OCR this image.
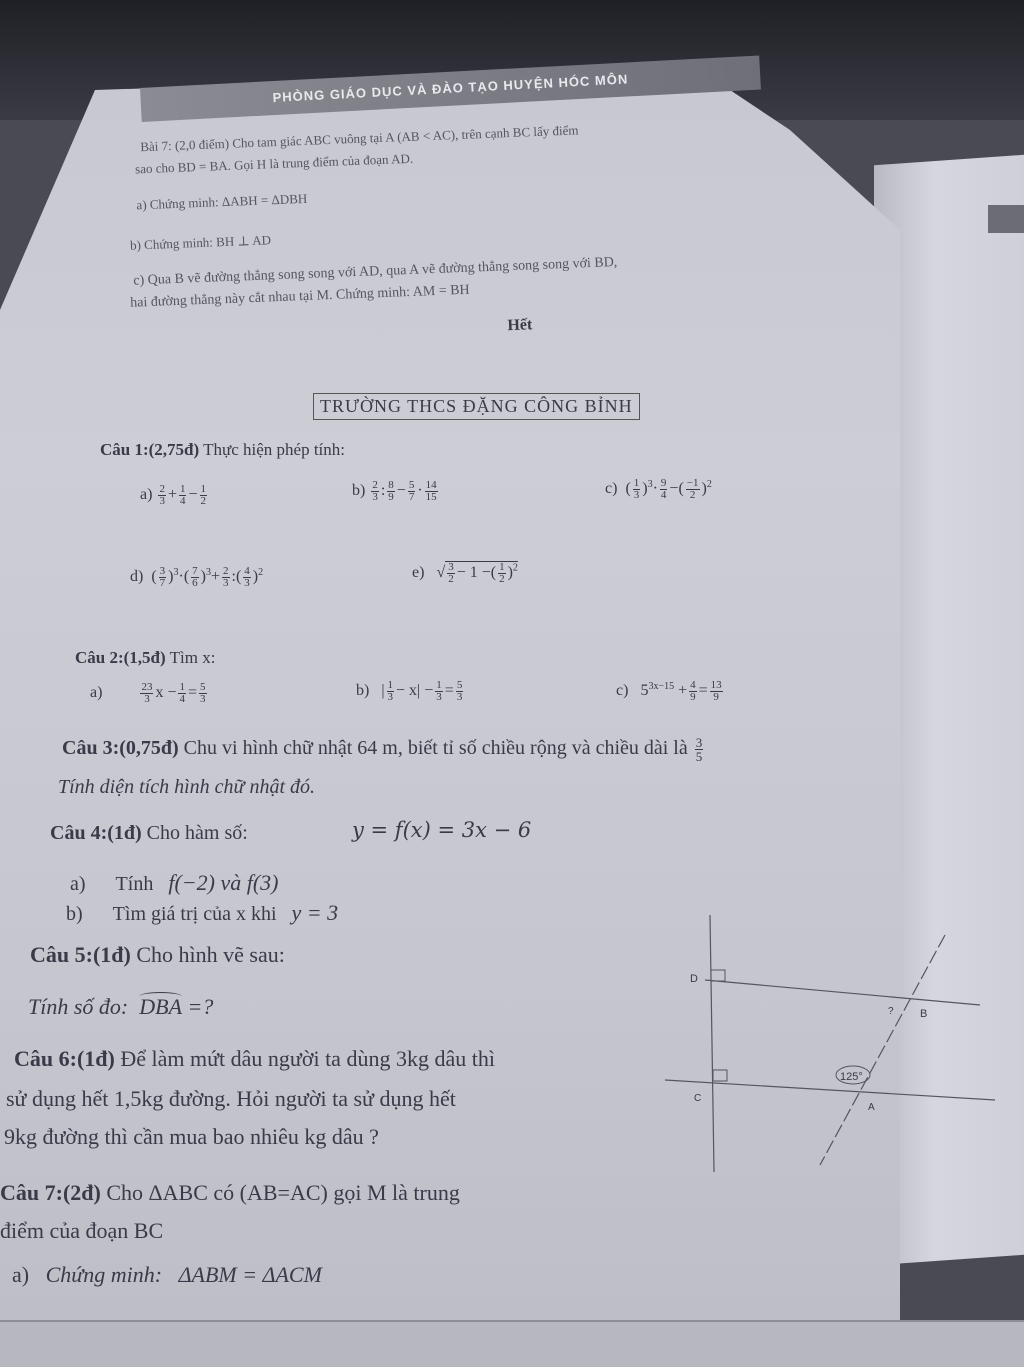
PHÒNG GIÁO DỤC VÀ ĐÀO TẠO HUYỆN HÓC MÔN
Bài 7: (2,0 điểm) Cho tam giác ABC vuông tại A (AB < AC), trên cạnh BC lấy điểm
sao cho BD = BA. Gọi H là trung điểm của đoạn AD.
a) Chứng minh: ΔABH = ΔDBH
b) Chứng minh: BH ⊥ AD
c) Qua B vẽ đường thẳng song song với AD, qua A vẽ đường thẳng song song với BD,
hai đường thẳng này cắt nhau tại M. Chứng minh: AM = BH
Hết
TRƯỜNG THCS ĐẶNG CÔNG BỈNH
Câu 1:(2,75đ) Thực hiện phép tính:
$a) \frac{2}{3} + \frac{1}{4} - \frac{1}{2}$	$b) \frac{2}{3}$ : $\frac{8}{9} - \frac{5}{7} \cdot \frac{14}{15}$	c)  ( $\frac{1}{3} )^3\cdot \frac{9}{4}$ −( $\frac{-1}{2} )^2$
d)  ( $\frac{3}{7} )^3\cdot( \frac{7}{6} )^3+ \frac{2}{3}$ :( $\frac{4}{3} )^2$	e)   √ $\frac{3}{2} - 1$ −( $\frac{1}{2} )^2$
Câu 2:(1,5đ) Tìm x:
a)	$\frac{23}{3}$ $x - \frac{1}{4} = \frac{5}{3}$	b)   | $\frac{1}{3} - x| - \frac{1}{3} = \frac{5}{3}$	c)   $5^{3x-15} + \frac{4}{9} = \frac{13}{9}$
Câu 3:(0,75đ) Chu vi hình chữ nhật 64 m, biết tỉ số chiều rộng và chiều dài là $\frac{3}{5}$
Tính diện tích hình chữ nhật đó.
Câu 4:(1đ) Cho hàm số:	y = f(x) = 3x − 6
a) Tính f(−2) và f(3)
b) Tìm giá trị của x khi y = 3
Câu 5:(1đ) Cho hình vẽ sau:
Tính số đo: DBA =?
D
B
?
C
A
125°
Câu 6:(1đ) Để làm mứt dâu người ta dùng 3kg dâu thì
sử dụng hết 1,5kg đường. Hỏi người ta sử dụng hết
9kg đường thì cần mua bao nhiêu kg dâu ?
Câu 7:(2đ) Cho ΔABC có (AB=AC) gọi M là trung
điểm của đoạn BC
a) Chứng minh: ΔABM = ΔACM
